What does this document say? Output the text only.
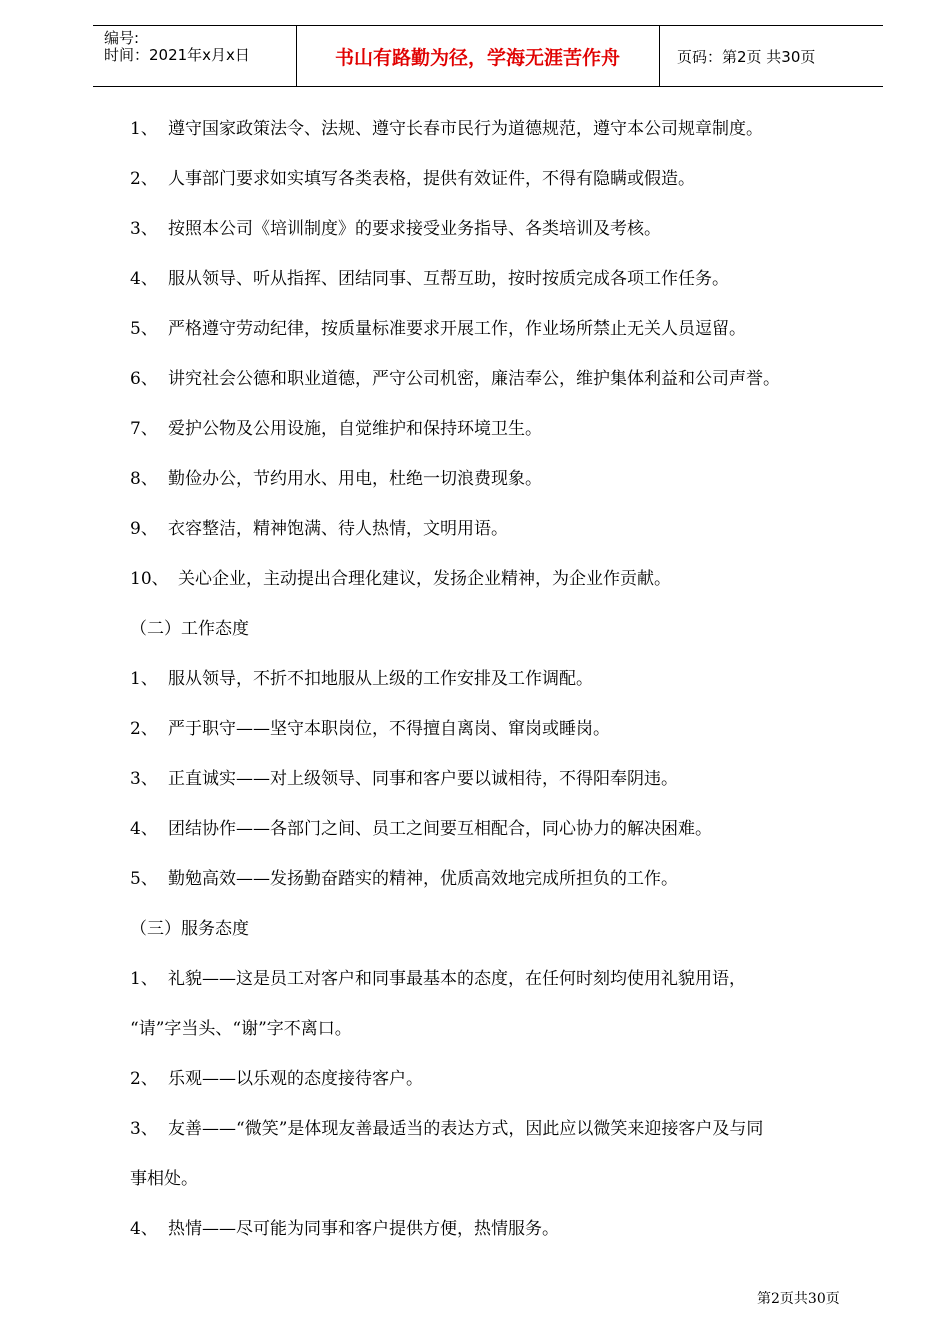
编号:
时间：2021年x月x日	书山有路勤为径，学海无涯苦作舟	页码：第2页 共30页
1、 遵守国家政策法令、法规、遵守长春市民行为道德规范，遵守本公司规章制度。
2、 人事部门要求如实填写各类表格，提供有效证件，不得有隐瞒或假造。
3、 按照本公司《培训制度》的要求接受业务指导、各类培训及考核。
4、 服从领导、听从指挥、团结同事、互帮互助，按时按质完成各项工作任务。
5、 严格遵守劳动纪律，按质量标准要求开展工作，作业场所禁止无关人员逗留。
6、 讲究社会公德和职业道德，严守公司机密，廉洁奉公，维护集体利益和公司声誉。
7、 爱护公物及公用设施，自觉维护和保持环境卫生。
8、 勤俭办公，节约用水、用电，杜绝一切浪费现象。
9、 衣容整洁，精神饱满、待人热情，文明用语。
10、 关心企业，主动提出合理化建议，发扬企业精神，为企业作贡献。
（二）工作态度
1、 服从领导，不折不扣地服从上级的工作安排及工作调配。
2、 严于职守——坚守本职岗位，不得擅自离岗、窜岗或睡岗。
3、 正直诚实——对上级领导、同事和客户要以诚相待，不得阳奉阴违。
4、 团结协作——各部门之间、员工之间要互相配合，同心协力的解决困难。
5、 勤勉高效——发扬勤奋踏实的精神，优质高效地完成所担负的工作。
（三）服务态度
1、 礼貌——这是员工对客户和同事最基本的态度，在任何时刻均使用礼貌用语，
“请”字当头、“谢”字不离口。
2、 乐观——以乐观的态度接待客户。
3、 友善——“微笑”是体现友善最适当的表达方式，因此应以微笑来迎接客户及与同
事相处。
4、 热情——尽可能为同事和客户提供方便，热情服务。
第2页共30页
